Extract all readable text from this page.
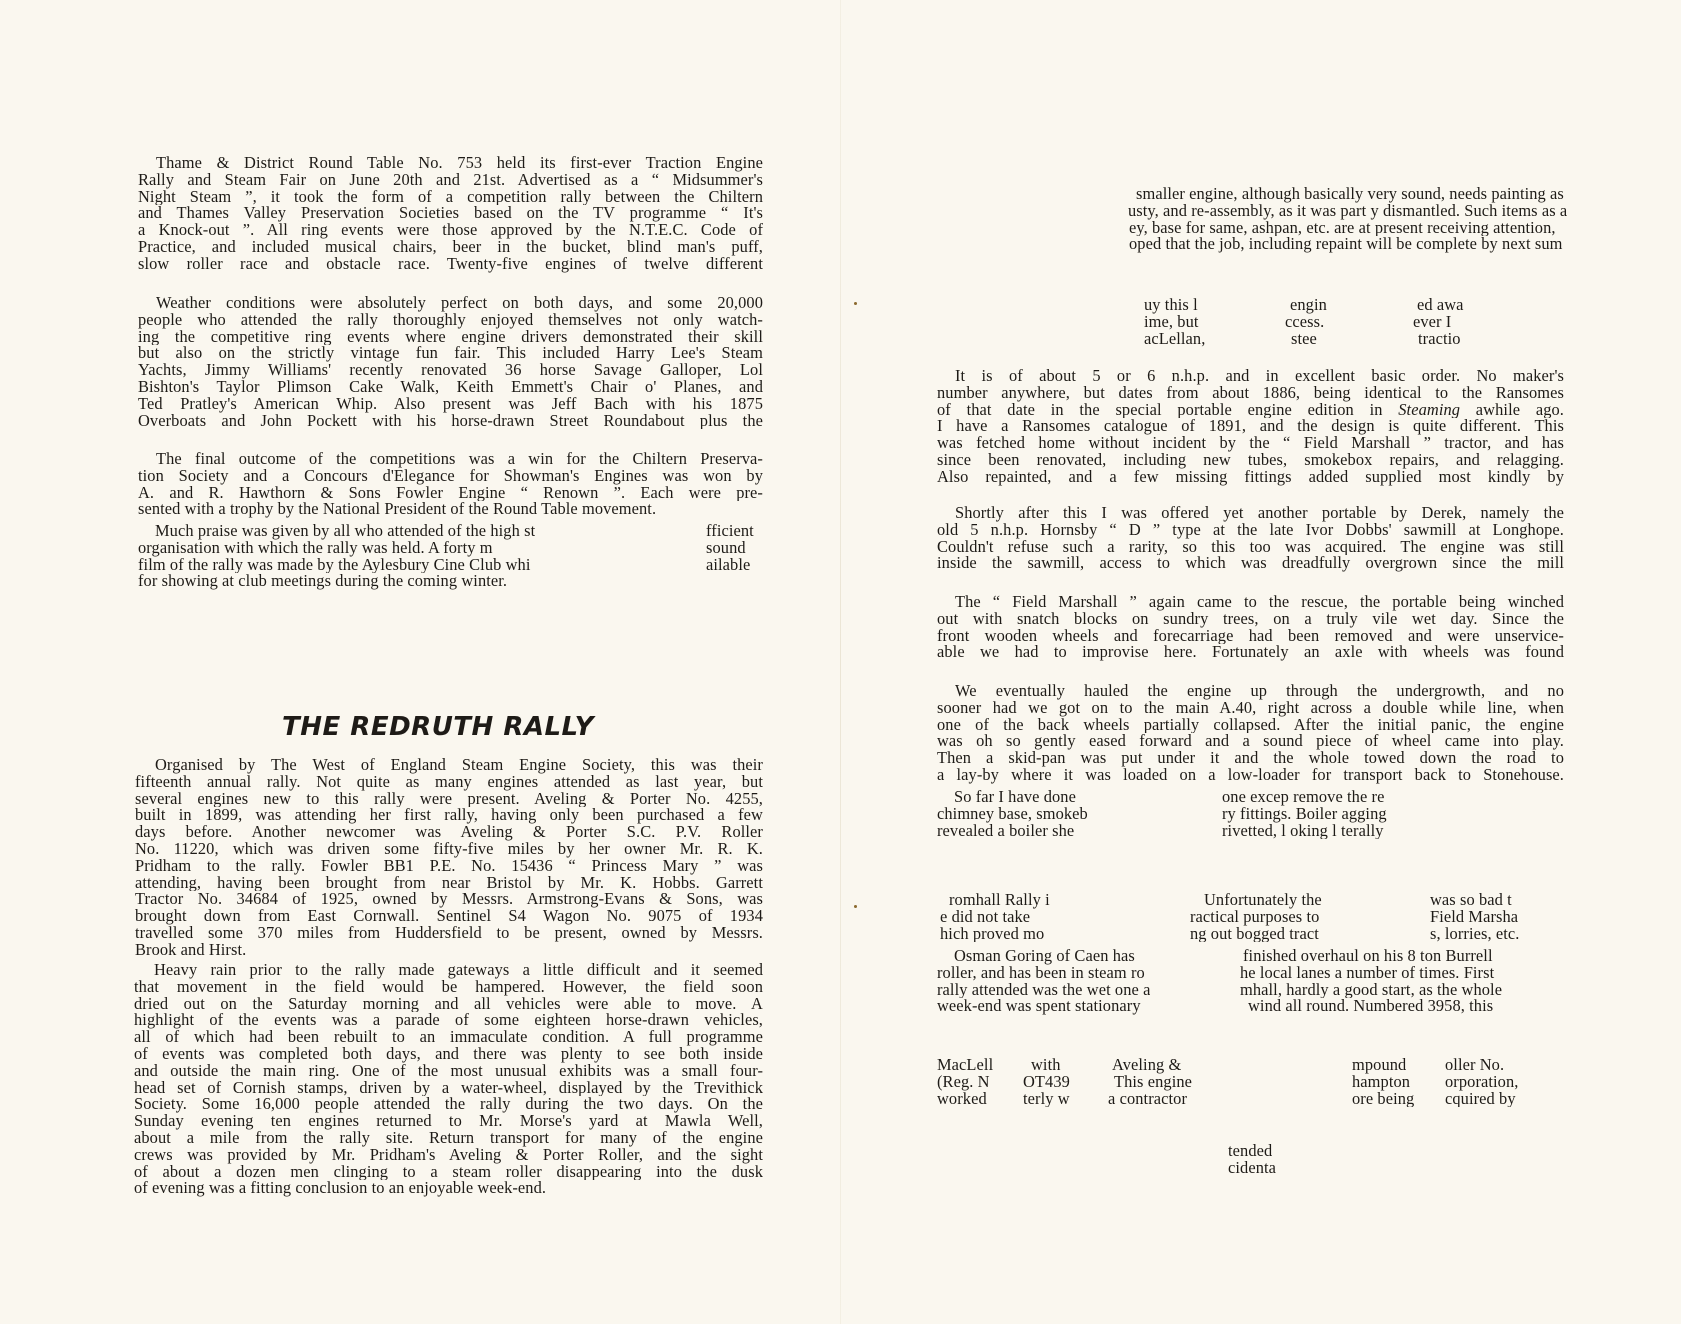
Thame & District Round Table No. 753 held its first-ever Traction Engine
Rally and Steam Fair on June 20th and 21st. Advertised as a “ Midsummer's
Night Steam ”, it took the form of a competition rally between the Chiltern
and Thames Valley Preservation Societies based on the TV programme “ It's
a Knock-out ”. All ring events were those approved by the N.T.E.C. Code of
Practice, and included musical chairs, beer in the bucket, blind man's puff,
slow roller race and obstacle race. Twenty-five engines of twelve different
Weather conditions were absolutely perfect on both days, and some 20,000
people who attended the rally thoroughly enjoyed themselves not only watch-
ing the competitive ring events where engine drivers demonstrated their skill
but also on the strictly vintage fun fair. This included Harry Lee's Steam
Yachts, Jimmy Williams' recently renovated 36 horse Savage Galloper, Lol
Bishton's Taylor Plimson Cake Walk, Keith Emmett's Chair o' Planes, and
Ted Pratley's American Whip. Also present was Jeff Bach with his 1875
Overboats and John Pockett with his horse-drawn Street Roundabout plus the
The final outcome of the competitions was a win for the Chiltern Preserva-
tion Society and a Concours d'Elegance for Showman's Engines was won by
A. and R. Hawthorn & Sons Fowler Engine “ Renown ”. Each were pre-
sented with a trophy by the National President of the Round Table movement.
Much praise was given by all who attended of the high st
organisation with which the rally was held. A forty m
film of the rally was made by the Aylesbury Cine Club whi
for showing at club meetings during the coming winter.
fficient
sound
ailable
THE REDRUTH RALLY
Organised by The West of England Steam Engine Society, this was their
fifteenth annual rally. Not quite as many engines attended as last year, but
several engines new to this rally were present. Aveling & Porter No. 4255,
built in 1899, was attending her first rally, having only been purchased a few
days before. Another newcomer was Aveling & Porter S.C. P.V. Roller
No. 11220, which was driven some fifty-five miles by her owner Mr. R. K.
Pridham to the rally. Fowler BB1 P.E. No. 15436 “ Princess Mary ” was
attending, having been brought from near Bristol by Mr. K. Hobbs. Garrett
Tractor No. 34684 of 1925, owned by Messrs. Armstrong-Evans & Sons, was
brought down from East Cornwall. Sentinel S4 Wagon No. 9075 of 1934
travelled some 370 miles from Huddersfield to be present, owned by Messrs.
Brook and Hirst.
Heavy rain prior to the rally made gateways a little difficult and it seemed
that movement in the field would be hampered. However, the field soon
dried out on the Saturday morning and all vehicles were able to move. A
highlight of the events was a parade of some eighteen horse-drawn vehicles,
all of which had been rebuilt to an immaculate condition. A full programme
of events was completed both days, and there was plenty to see both inside
and outside the main ring. One of the most unusual exhibits was a small four-
head set of Cornish stamps, driven by a water-wheel, displayed by the Trevithick
Society. Some 16,000 people attended the rally during the two days. On the
Sunday evening ten engines returned to Mr. Morse's yard at Mawla Well,
about a mile from the rally site. Return transport for many of the engine
crews was provided by Mr. Pridham's Aveling & Porter Roller, and the sight
of about a dozen men clinging to a steam roller disappearing into the dusk
of evening was a fitting conclusion to an enjoyable week-end.
smaller engine, although basically very sound, needs painting as
usty, and re-assembly, as it was part y dismantled. Such items as a
ey, base for same, ashpan, etc. are at present receiving attention,
oped that the job, including repaint will be complete by next sum
uy this l
ime, but
acLellan,
engin
ccess.
stee
ed awa
ever I
tractio
It is of about 5 or 6 n.h.p. and in excellent basic order. No maker's
number anywhere, but dates from about 1886, being identical to the Ransomes
of that date in the special portable engine edition in Steaming awhile ago.
I have a Ransomes catalogue of 1891, and the design is quite different. This
was fetched home without incident by the “ Field Marshall ” tractor, and has
since been renovated, including new tubes, smokebox repairs, and relagging.
Also repainted, and a few missing fittings added supplied most kindly by
Shortly after this I was offered yet another portable by Derek, namely the
old 5 n.h.p. Hornsby “ D ” type at the late Ivor Dobbs' sawmill at Longhope.
Couldn't refuse such a rarity, so this too was acquired. The engine was still
inside the sawmill, access to which was dreadfully overgrown since the mill
The “ Field Marshall ” again came to the rescue, the portable being winched
out with snatch blocks on sundry trees, on a truly vile wet day. Since the
front wooden wheels and forecarriage had been removed and were unservice-
able we had to improvise here. Fortunately an axle with wheels was found
We eventually hauled the engine up through the undergrowth, and no
sooner had we got on to the main A.40, right across a double while line, when
one of the back wheels partially collapsed. After the initial panic, the engine
was oh so gently eased forward and a sound piece of wheel came into play.
Then a skid-pan was put under it and the whole towed down the road to
a lay-by where it was loaded on a low-loader for transport back to Stonehouse.
So far I have done
chimney base, smokeb
revealed a boiler she
one excep remove the re
ry fittings. Boiler agging
rivetted, l oking l terally
romhall Rally i
e did not take
hich proved mo
Unfortunately the
ractical purposes to
ng out bogged tract
was so bad t
Field Marsha
s, lorries, etc.
Osman Goring of Caen has
roller, and has been in steam ro
rally attended was the wet one a
week-end was spent stationary
finished overhaul on his 8 ton Burrell
he local lanes a number of times. First
mhall, hardly a good start, as the whole
wind all round. Numbered 3958, this
MacLell
(Reg. N
worked
with
OT439
terly w
Aveling &
This engine
a contractor
mpound
hampton
ore being
oller No.
orporation,
cquired by
tended
cidenta
